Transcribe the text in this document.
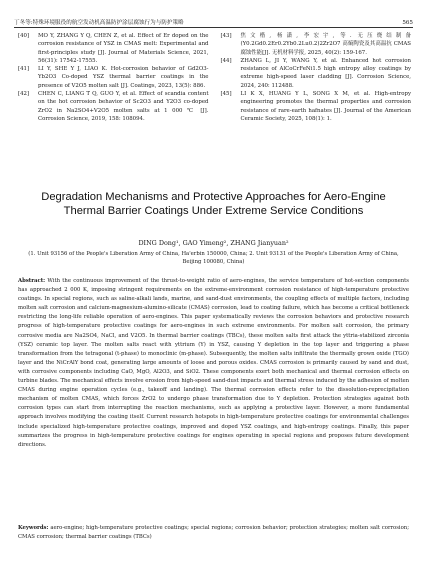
丁冬等:特殊环境服役的航空发动机高温防护涂层腐蚀行为与防护策略	565
[40]	MO Y, ZHANG Y Q, CHEN Z, et al. Effect of Er doped on the corrosion resistance of YSZ in CMAS melt: Experimental and first-principles study [J]. Journal of Materials Science, 2021, 56(31): 17542-17555.
[41]	LI Y, SHE Y J, LIAO K. Hot-corrosion behavior of Gd2O3-Yb2O3 Co-doped YSZ thermal barrier coatings in the presence of V2O5 molten salt [J]. Coatings, 2023, 13(5): 886.
[42]	CHEN C, LIANG T Q, GUO Y, et al. Effect of scandia content on the hot corrosion behavior of Sc2O3 and Y2O3 co-doped ZrO2 in Na2SO4+V2O5 molten salts at 1 000 ℃ [J]. Corrosion Science, 2019, 158: 108094.
[43]	焦文楷, 杨潇, 李宏宇, 等. 无压烧结制备 (Y0.2Gd0.2Er0.2Yb0.2Lu0.2)2Zr2O7 高熵陶瓷及其高温抗 CMAS 腐蚀性能[J]. 无机材料学报, 2025, 40(2): 159-167.
[44]	ZHANG L, JI Y, WANG Y, et al. Enhanced hot corrosion resistance of AlCoCrFeNi1.5 high entropy alloy coatings by extreme high-speed laser cladding [J]. Corrosion Science, 2024, 240: 112488.
[45]	LI K X, HUANG Y L, SONG X M, et al. High-entropy engineering promotes the thermal properties and corrosion resistance of rare-earth hafnates [J]. Journal of the American Ceramic Society, 2025, 108(1): 1.
Degradation Mechanisms and Protective Approaches for Aero-Engine Thermal Barrier Coatings Under Extreme Service Conditions
DING Dong¹, GAO Yimeng², ZHANG Jianyuan²
(1. Unit 93156 of the People's Liberation Army of China, Ha'erbin 150000, China; 2. Unit 93131 of the People's Liberation Army of China, Beijing 100080, China)
Abstract: With the continuous improvement of the thrust-to-weight ratio of aero-engines, the service temperature of hot-section components has approached 2 000 K, imposing stringent requirements on the extreme-environment corrosion resistance of high-temperature protective coatings. In special regions, such as saline-alkali lands, marine, and sand-dust environments, the coupling effects of multiple factors, including molten salt corrosion and calcium-magnesium-alumino-silicate (CMAS) corrosion, lead to coating failure, which has become a critical bottleneck restricting the long-life reliable operation of aero-engines. This paper systematically reviews the corrosion behaviors and protective research progress of high-temperature protective coatings for aero-engines in such extreme environments. For molten salt corrosion, the primary corrosive media are Na2SO4, NaCl, and V2O5. In thermal barrier coatings (TBCs), these molten salts first attack the yttria-stabilized zirconia (YSZ) ceramic top layer. The molten salts react with yttrium (Y) in YSZ, causing Y depletion in the top layer and triggering a phase transformation from the tetragonal (t-phase) to monoclinic (m-phase). Subsequently, the molten salts infiltrate the thermally grown oxide (TGO) layer and the NiCrAlY bond coat, generating large amounts of loose and porous oxides. CMAS corrosion is primarily caused by sand and dust, with corrosive components including CaO, MgO, Al2O3, and SiO2. These components exert both mechanical and thermal corrosion effects on turbine blades. The mechanical effects involve erosion from high-speed sand-dust impacts and thermal stress induced by the adhesion of molten CMAS during engine operation cycles (e.g., takeoff and landing). The thermal corrosion effects refer to the dissolution-reprecipitation mechanism of molten CMAS, which forces ZrO2 to undergo phase transformation due to Y depletion. Protection strategies against both corrosion types can start from interrupting the reaction mechanisms, such as applying a protective layer. However, a more fundamental approach involves modifying the coating itself. Current research hotspots in high-temperature protective coatings for environmental challenges include specialized high-temperature protective coatings, improved and doped YSZ coatings, and high-entropy coatings. Finally, this paper summarizes the progress in high-temperature protective coatings for engines operating in special regions and proposes future development directions.
Keywords: aero-engine; high-temperature protective coatings; special regions; corrosion behavior; protection strategies; molten salt corrosion; CMAS corrosion; thermal barrier coatings (TBCs)
